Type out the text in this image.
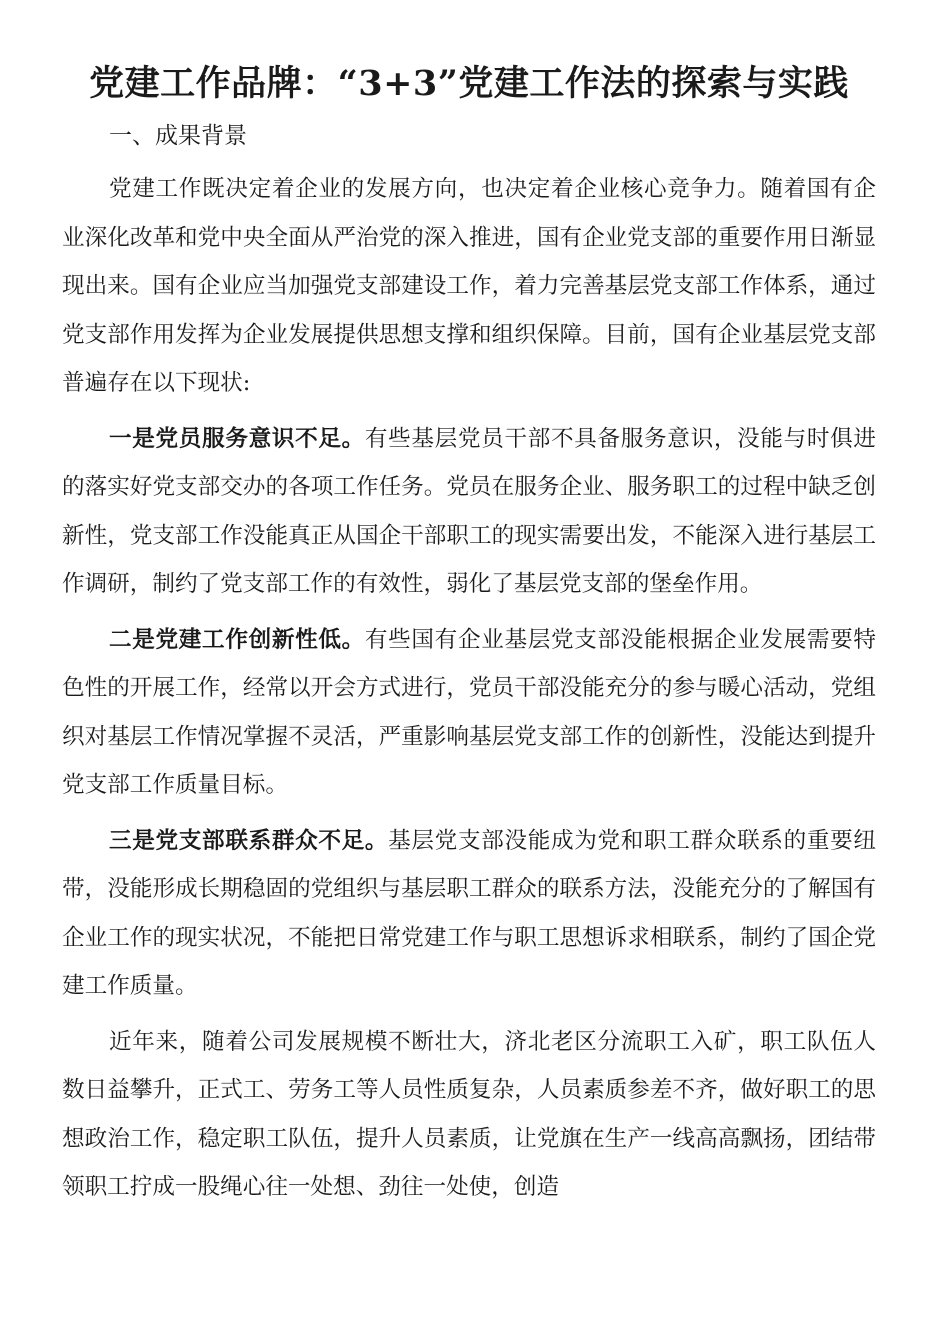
党建工作品牌：“3+3”党建工作法的探索与实践
一、成果背景

党建工作既决定着企业的发展方向，也决定着企业核心竞争力。随着国有企业深化改革和党中央全面从严治党的深入推进，国有企业党支部的重要作用日渐显现出来。国有企业应当加强党支部建设工作，着力完善基层党支部工作体系，通过党支部作用发挥为企业发展提供思想支撑和组织保障。目前，国有企业基层党支部普遍存在以下现状:

一是党员服务意识不足。有些基层党员干部不具备服务意识，没能与时俱进的落实好党支部交办的各项工作任务。党员在服务企业、服务职工的过程中缺乏创新性，党支部工作没能真正从国企干部职工的现实需要出发，不能深入进行基层工作调研，制约了党支部工作的有效性，弱化了基层党支部的堡垒作用。

二是党建工作创新性低。有些国有企业基层党支部没能根据企业发展需要特色性的开展工作，经常以开会方式进行，党员干部没能充分的参与暖心活动，党组织对基层工作情况掌握不灵活，严重影响基层党支部工作的创新性，没能达到提升党支部工作质量目标。

三是党支部联系群众不足。基层党支部没能成为党和职工群众联系的重要纽带，没能形成长期稳固的党组织与基层职工群众的联系方法，没能充分的了解国有企业工作的现实状况，不能把日常党建工作与职工思想诉求相联系，制约了国企党建工作质量。

近年来，随着公司发展规模不断壮大，济北老区分流职工入矿，职工队伍人数日益攀升，正式工、劳务工等人员性质复杂，人员素质参差不齐，做好职工的思想政治工作，稳定职工队伍，提升人员素质，让党旗在生产一线高高飘扬，团结带领职工拧成一股绳心往一处想、劲往一处使，创造
